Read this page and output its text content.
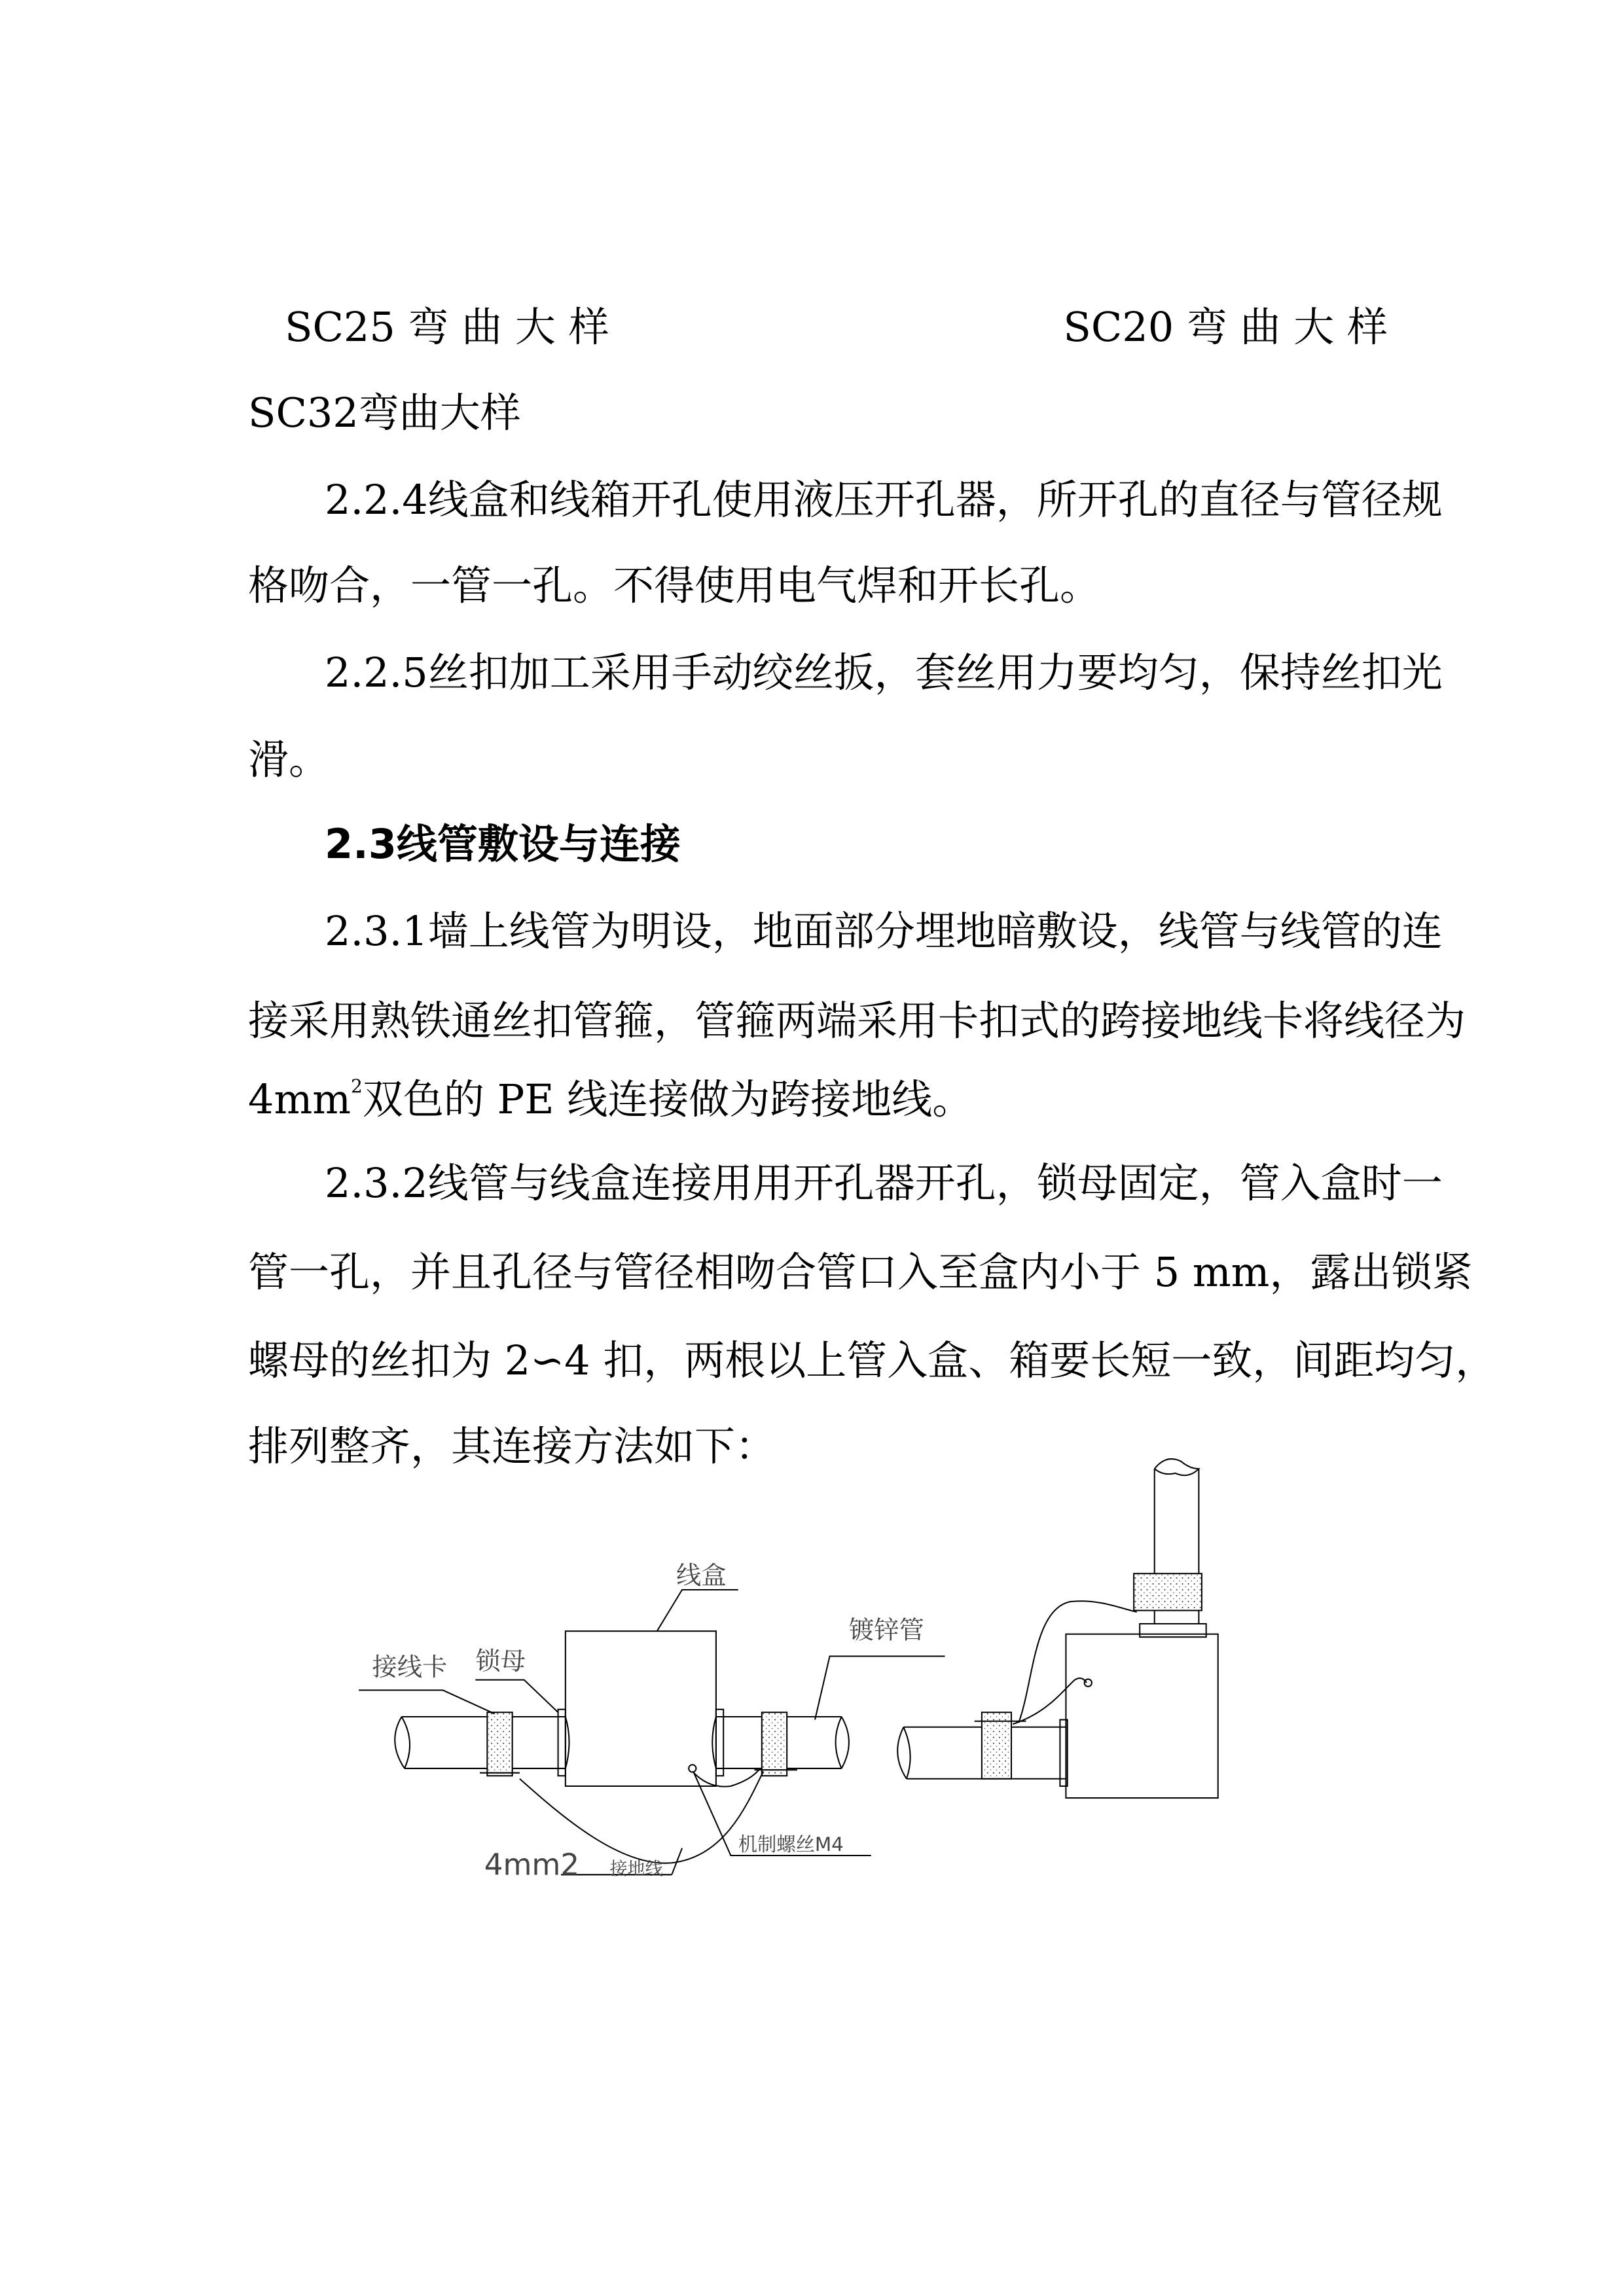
SC25 弯 曲 大 样	SC20 弯 曲 大 样
SC32弯曲大样
2.2.4线盒和线箱开孔使用液压开孔器，所开孔的直径与管径规
格吻合，一管一孔。不得使用电气焊和开长孔。
2.2.5丝扣加工采用手动绞丝扳，套丝用力要均匀，保持丝扣光
滑。
2.3线管敷设与连接
2.3.1墙上线管为明设，地面部分埋地暗敷设，线管与线管的连
接采用熟铁通丝扣管箍，管箍两端采用卡扣式的跨接地线卡将线径为
$4mm^2$双色的 PE 线连接做为跨接地线。
2.3.2线管与线盒连接用用开孔器开孔，锁母固定，管入盒时一
管一孔，并且孔径与管径相吻合管口入至盒内小于 5 mm，露出锁紧
螺母的丝扣为 2∽4 扣，两根以上管入盒、箱要长短一致，间距均匀，
排列整齐，其连接方法如下：
线盒
接线卡	锁母
镀锌管
机制螺丝M4
4mm2	接地线
